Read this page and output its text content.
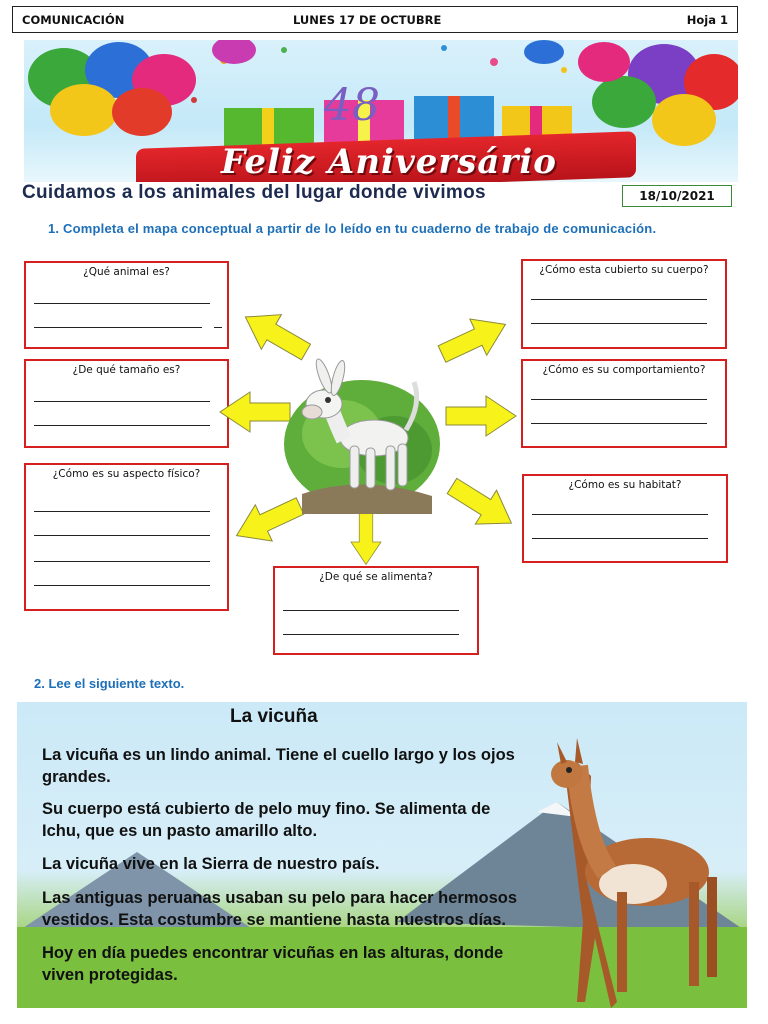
COMUNICACIÓN	LUNES 17 DE OCTUBRE	Hoja 1
48
Feliz Aniversário
Cuidamos a los animales del lugar donde vivimos	18/10/2021
1. Completa el mapa conceptual a partir de lo leído en tu cuaderno de trabajo de comunicación.
¿Qué animal es?
¿De qué tamaño es?
¿Cómo es su aspecto físico?
¿De qué se alimenta?
¿Cómo esta cubierto su cuerpo?
¿Cómo es su comportamiento?
¿Cómo es su habitat?
2. Lee el siguiente texto.
La vicuña
La vicuña es un lindo animal. Tiene el cuello largo y los ojos grandes.
Su cuerpo está cubierto de pelo muy fino. Se alimenta de Ichu, que es un pasto amarillo alto.
La vicuña vive en la Sierra de nuestro país.
Las antiguas peruanas usaban su pelo para hacer hermosos vestidos. Esta costumbre se mantiene hasta nuestros días.
Hoy en día puedes encontrar vicuñas en las alturas, donde viven protegidas.
